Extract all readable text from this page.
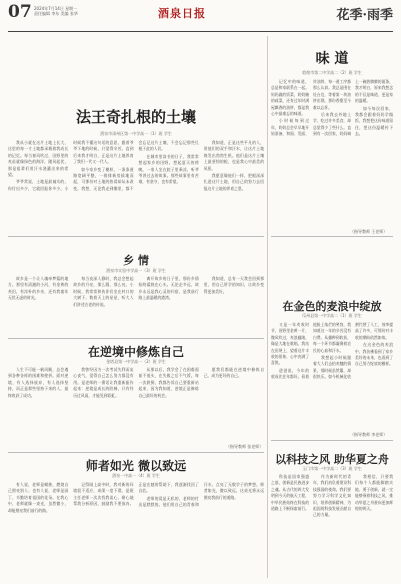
07 2024年7月14日 星期一
责任编辑 李东 美编 张华	酒泉日报	花季·雨季
法王奇扎根的土壤
酒泉市肃州区第一中学高一（1）班 学生

我从小就在这片土地上长大，这里的每一寸土地都承载着我成长的记忆。每当春风吹过，田野里的麦苗就像绿色的海洋，随风起伏，那是祖辈们用汗水浇灌出来的希望。

爷爷常说，土地是最诚实的，你付出多少，它就回报你多少。小时候我不懂这句话的意思，跟着爷爷下地的时候，只觉得辛苦。直到后来我才明白，正是这片土地养育了我们一代又一代人。

如今家乡变了模样，一条条道路宽阔平整，一排排新房拔地而起，可那份对土地的热爱却从未改变。我想，无论我走到哪里，都不会忘记这片土壤，不会忘记那些扎根于此的人们。

在城市里读书的日子，我常常想起家乡的田野。想起夏天的傍晚，一家人坐在院子里乘凉，听爷爷讲过去的故事。那些故事里有苦难，有坚守，也有希望。

我知道，正是这些平凡的人，用他们的双手和汗水，让这片土地焕发出勃勃生机。他们是这片土壤上最坚韧的根，也是我心中最美的风景。

我愿意像他们一样，把根深深扎进这片土地，用自己的努力去回报这片土地的养育之恩。

味 道
敦煌市第二中学高二（2）班 学生

记忆中的味道，总是和家联系在一起。妈妈做的饭菜，奶奶腌的咸菜，还有过年时满屋飘香的油饼，都是我心中最难忘的味道。

小时候每到过年，奶奶总会早早地开始准备，和面、发面、炸油饼，每一道工序都那么认真。我总是围在灶台边，等着第一块油饼出锅，那份香甜至今难以忘怀。

后来我去外地上学，吃过许多美食，却总觉得少了些什么。直到有一次回家，妈妈端上一碗热腾腾的面条，我才明白，原来我想念的不仅是味道，更是家的温暖。

如今每次回家，我都会跟着妈妈学做饭，我想把这份味道留住，把这份温暖传下去。

（指导教师 王老师）
乡 情
酒泉市实验中学高一（3）班 学生

故乡是一个让人魂牵梦萦的地方。那里有清澈的小河，有金黄的麦田，有淳朴的乡亲，还有我童年无忧无虑的时光。

每当夜深人静时，我总会想起故乡的月亮，那么圆，那么亮。小时候，我常常和伙伴们坐在村口的大树下，数着天上的星星，听大人们讲述古老的传说。

离开故乡的日子里，那份乡情始终萦绕在心头。无论走多远，故乡永远是我心灵的归宿，是我前行路上最温暖的港湾。

我知道，总有一天我会回到那里，用自己所学的知识，让故乡变得更加美好。

在金色的麦浪中绽放
瓜州县第一中学高二（1）班 学生

又是一年麦收时节，田野里金黄一片，微风吹过，麦浪翻滚，像是大地在歌唱。我站在田埂上，望着这片丰收的景象，心中充满了喜悦。

爸爸说，今年的收成比往年都好。看着他脸上灿烂的笑容，我知道这一年的辛苦没有白费。从播种到收获，每一个环节都凝聚着农民的心血和汗水。

我想起小时候跟着大人们去拾麦穗的情景，那时候虽然累，却很快乐。如今机械化收割代替了人工，效率提高了许多，可那份对丰收的期盼依然如故。

在这金色的麦浪中，我仿佛看到了家乡美好的未来，也看到了自己努力绽放的模样。

（指导教师 李老师）
在逆境中修炼自己
金塔县第一中学高一（2）班 学生

人生不可能一帆风顺，总会遇到各种各样的困难和挫折。面对逆境，有人选择放弃，有人选择坚持，而正是那些坚持下来的人，最终收获了成功。

我曾经因为一次考试失利而灰心丧气，觉得自己怎么努力都没有用。是老师的一番话让我重新振作起来：逆境是成长的阶梯，只有经历过风雨，才能见到彩虹。

从那以后，我学会了在困难面前不低头，在失败之后不气馁。每一次跌倒，我都告诉自己要重新站起来，因为我知道，逆境正是修炼自己最好的机会。

愿我们都能在逆境中修炼自己，成为更好的自己。

（指导教师 张老师）
以科技之风 助华夏之舟
玉门市第一中学高二（3）班 学生

科技是国家强盛之基，创新是民族进步之魂。从古代的四大发明到今天的航天工程，中华民族始终在科技的道路上不断探索前行。

作为新时代的青年，我们肩负着建设科技强国的使命。我们要努力学习科学文化知识，培养创新精神，为祖国的科技发展贡献自己的力量。

我相信，只要我们每个人都能脚踏实地、勇于创新，就一定能够乘着科技之风，推动华夏之舟驶向更加辉煌的明天。

师者如光 微以致远
酒泉一中高一（4）班 学生

有人说，老师是蜡烛，燃烧自己照亮别人；也有人说，老师是园丁，辛勤培育祖国的花朵。在我心中，老师就像一束光，虽然微小，却能照亮我们前行的路。

记得刚上高中时，我对新的环境很不适应，成绩一度下滑。是班主任老师一次次找我谈心，耐心地帮我分析原因，鼓励我不要放弃。正是在她的帮助下，我逐渐找回了自信。

老师的爱是无私的，老师的付出是默默的。他们用自己的青春和汗水，点亮了无数学子的梦想。师者如光，微以致远，这束光将永远照亮我前行的道路。
